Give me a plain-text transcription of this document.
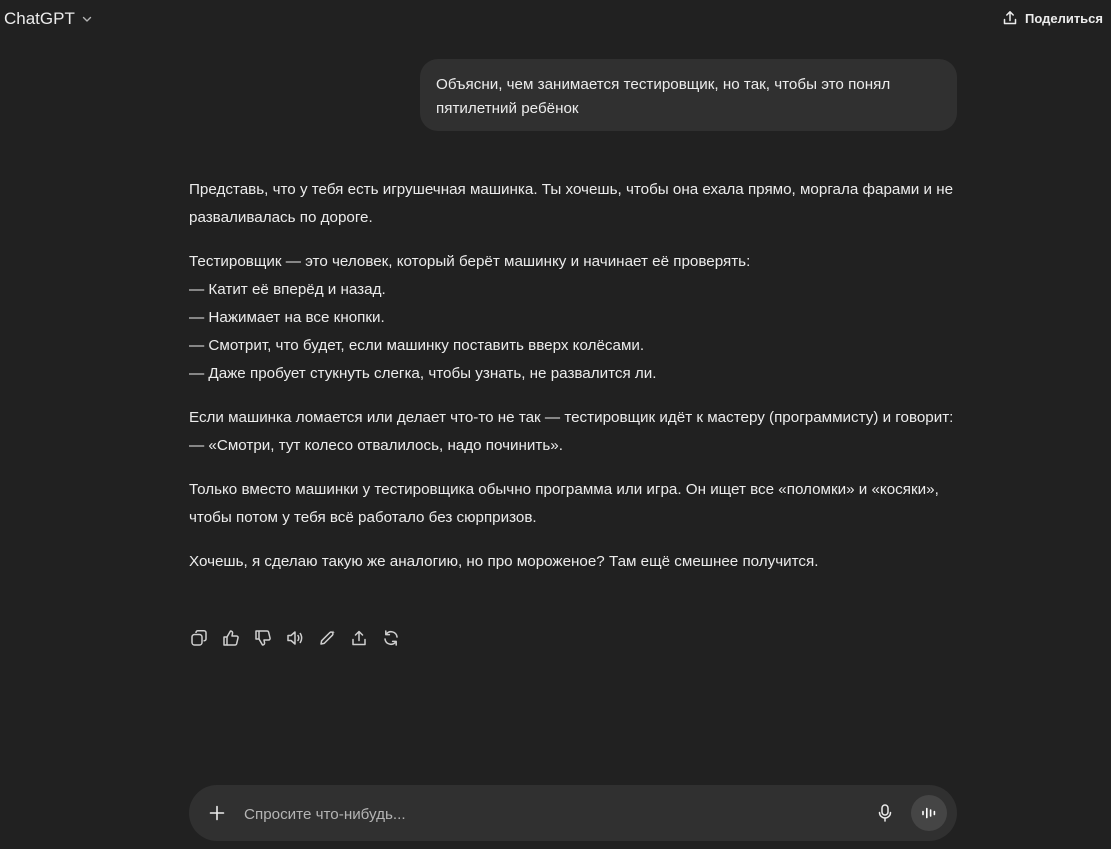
ChatGPT	Поделиться
Объясни, чем занимается тестировщик, но так, чтобы это понял пятилетний ребёнок

Представь, что у тебя есть игрушечная машинка. Ты хочешь, чтобы она ехала прямо, моргала фарами и не разваливалась по дороге.

Тестировщик — это человек, который берёт машинку и начинает её проверять:
— Катит её вперёд и назад.
— Нажимает на все кнопки.
— Смотрит, что будет, если машинку поставить вверх колёсами.
— Даже пробует стукнуть слегка, чтобы узнать, не развалится ли.

Если машинка ломается или делает что-то не так — тестировщик идёт к мастеру (программисту) и говорит:
— «Смотри, тут колесо отвалилось, надо починить».

Только вместо машинки у тестировщика обычно программа или игра. Он ищет все «поломки» и «косяки», чтобы потом у тебя всё работало без сюрпризов.

Хочешь, я сделаю такую же аналогию, но про мороженое? Там ещё смешнее получится.

Спросите что-нибудь...
